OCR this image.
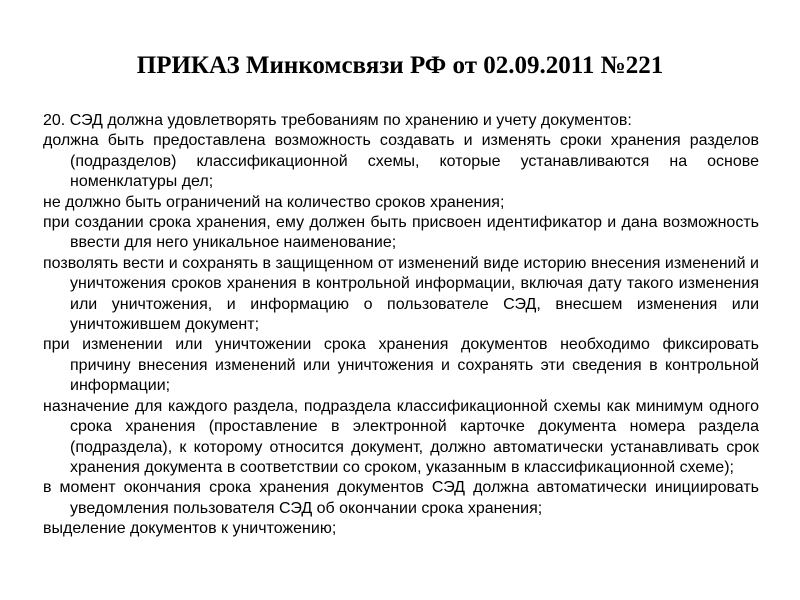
ПРИКАЗ Минкомсвязи РФ от 02.09.2011 №221

20. СЭД должна удовлетворять требованиям по хранению и учету документов:

должна быть предоставлена возможность создавать и изменять сроки хранения разделов (подразделов) классификационной схемы, которые устанавливаются на основе номенклатуры дел;

не должно быть ограничений на количество сроков хранения;

при создании срока хранения, ему должен быть присвоен идентификатор и дана возможность ввести для него уникальное наименование;

позволять вести и сохранять в защищенном от изменений виде историю внесения изменений и уничтожения сроков хранения в контрольной информации, включая дату такого изменения или уничтожения, и информацию о пользователе СЭД, внесшем изменения или уничтожившем документ;

при изменении или уничтожении срока хранения документов необходимо фиксировать причину внесения изменений или уничтожения и сохранять эти сведения в контрольной информации;

назначение для каждого раздела, подраздела классификационной схемы как минимум одного срока хранения (проставление в электронной карточке документа номера раздела (подраздела), к которому относится документ, должно автоматически устанавливать срок хранения документа в соответствии со сроком, указанным в классификационной схеме);

в момент окончания срока хранения документов СЭД должна автоматически инициировать уведомления пользователя СЭД об окончании срока хранения;

выделение документов к уничтожению;
